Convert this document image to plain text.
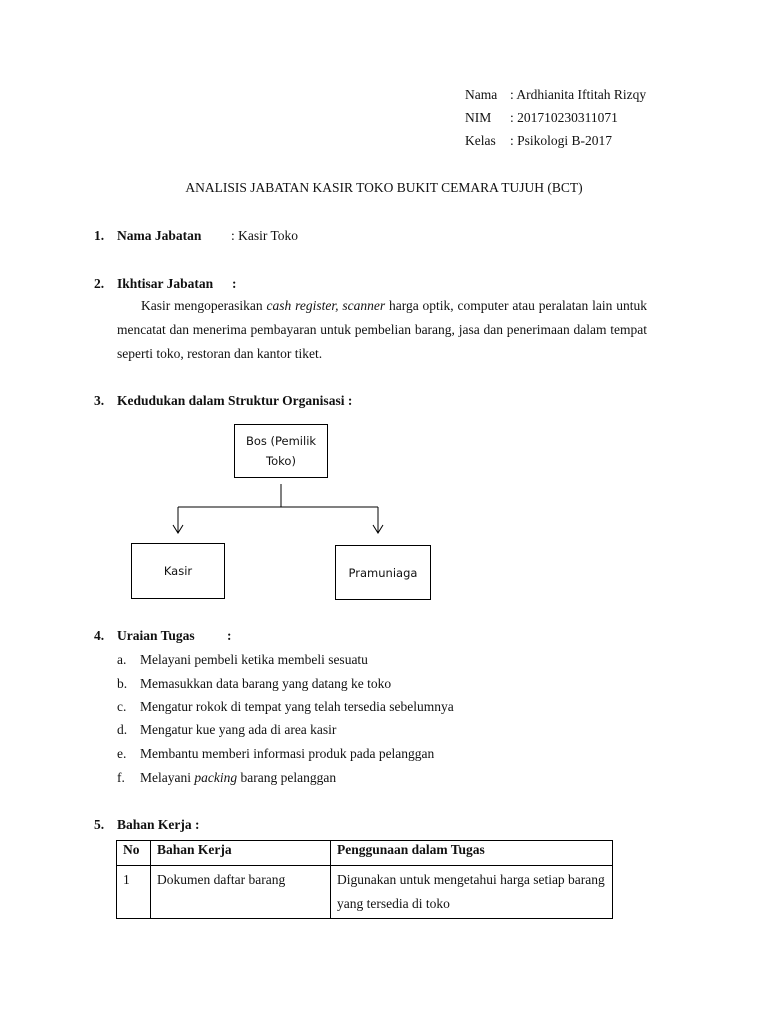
Nama : Ardhianita Iftitah Rizqy
NIM : 201710230311071
Kelas : Psikologi B-2017
ANALISIS JABATAN KASIR TOKO BUKIT CEMARA TUJUH (BCT)
1. Nama Jabatan : Kasir Toko
2. Ikhtisar Jabatan :
Kasir mengoperasikan cash register, scanner harga optik, computer atau peralatan lain untuk mencatat dan menerima pembayaran untuk pembelian barang, jasa dan penerimaan dalam tempat seperti toko, restoran dan kantor tiket.
3. Kedudukan dalam Struktur Organisasi :
Bos (Pemilik
Toko)
Kasir	Pramuniaga
4. Uraian Tugas :
a. Melayani pembeli ketika membeli sesuatu
b. Memasukkan data barang yang datang ke toko
c. Mengatur rokok di tempat yang telah tersedia sebelumnya
d. Mengatur kue yang ada di area kasir
e. Membantu memberi informasi produk pada pelanggan
f. Melayani packing barang pelanggan
5. Bahan Kerja :
No	Bahan Kerja	Penggunaan dalam Tugas
1	Dokumen daftar barang	Digunakan untuk mengetahui harga setiap barang yang tersedia di toko
